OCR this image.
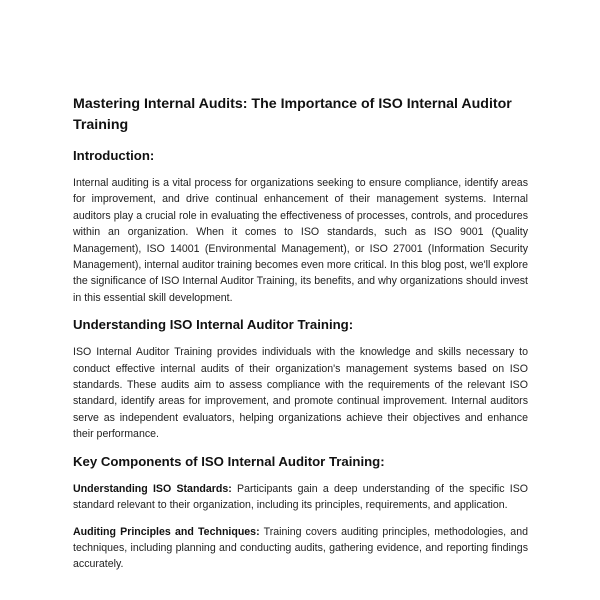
Mastering Internal Audits: The Importance of ISO Internal Auditor Training
Introduction:

Internal auditing is a vital process for organizations seeking to ensure compliance, identify areas for improvement, and drive continual enhancement of their management systems. Internal auditors play a crucial role in evaluating the effectiveness of processes, controls, and procedures within an organization. When it comes to ISO standards, such as ISO 9001 (Quality Management), ISO 14001 (Environmental Management), or ISO 27001 (Information Security Management), internal auditor training becomes even more critical. In this blog post, we'll explore the significance of ISO Internal Auditor Training, its benefits, and why organizations should invest in this essential skill development.

Understanding ISO Internal Auditor Training:

ISO Internal Auditor Training provides individuals with the knowledge and skills necessary to conduct effective internal audits of their organization's management systems based on ISO standards. These audits aim to assess compliance with the requirements of the relevant ISO standard, identify areas for improvement, and promote continual improvement. Internal auditors serve as independent evaluators, helping organizations achieve their objectives and enhance their performance.

Key Components of ISO Internal Auditor Training:

Understanding ISO Standards: Participants gain a deep understanding of the specific ISO standard relevant to their organization, including its principles, requirements, and application.

Auditing Principles and Techniques: Training covers auditing principles, methodologies, and techniques, including planning and conducting audits, gathering evidence, and reporting findings accurately.
